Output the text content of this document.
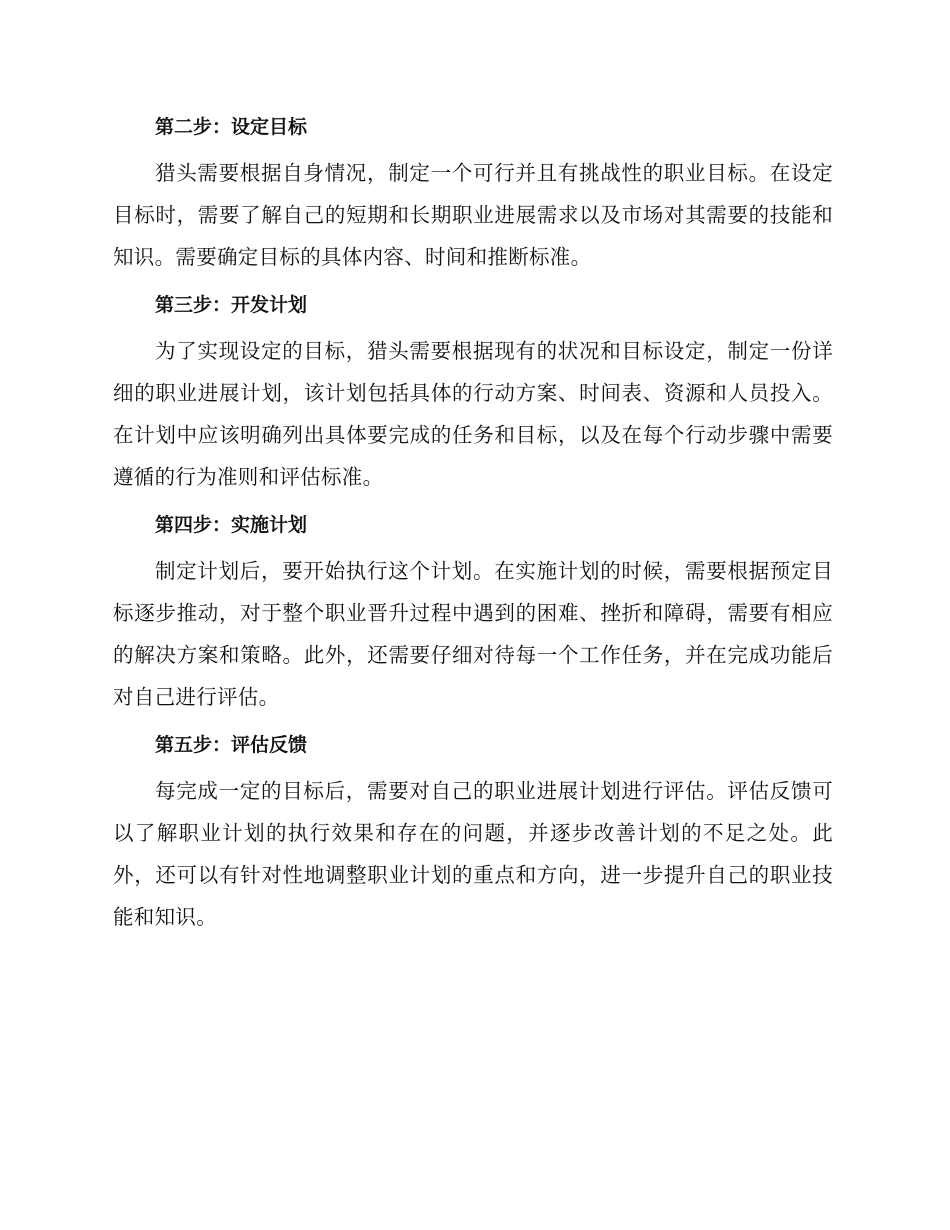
第二步：设定目标

猎头需要根据自身情况，制定一个可行并且有挑战性的职业目标。在设定目标时，需要了解自己的短期和长期职业进展需求以及市场对其需要的技能和知识。需要确定目标的具体内容、时间和推断标准。

第三步：开发计划

为了实现设定的目标，猎头需要根据现有的状况和目标设定，制定一份详细的职业进展计划，该计划包括具体的行动方案、时间表、资源和人员投入。在计划中应该明确列出具体要完成的任务和目标，以及在每个行动步骤中需要遵循的行为准则和评估标准。

第四步：实施计划

制定计划后，要开始执行这个计划。在实施计划的时候，需要根据预定目标逐步推动，对于整个职业晋升过程中遇到的困难、挫折和障碍，需要有相应的解决方案和策略。此外，还需要仔细对待每一个工作任务，并在完成功能后对自己进行评估。

第五步：评估反馈

每完成一定的目标后，需要对自己的职业进展计划进行评估。评估反馈可以了解职业计划的执行效果和存在的问题，并逐步改善计划的不足之处。此外，还可以有针对性地调整职业计划的重点和方向，进一步提升自己的职业技能和知识。
